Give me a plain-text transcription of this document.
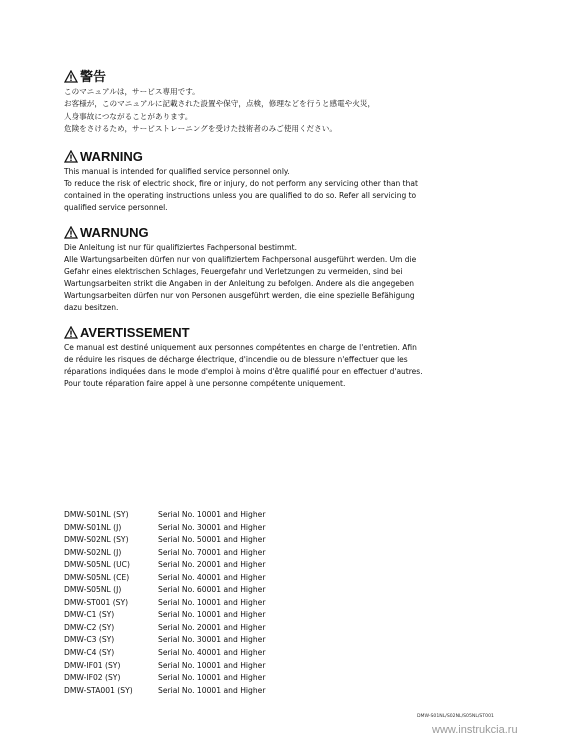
警告
このマニュアルは，サービス専用です。
お客様が，このマニュアルに記載された設置や保守，点検，修理などを行うと感電や火災，
人身事故につながることがあります。
危険をさけるため，サービストレーニングを受けた技術者のみご使用ください。
WARNING
This manual is intended for qualified service personnel only.
To reduce the risk of electric shock, fire or injury, do not perform any servicing other than that
contained in the operating instructions unless you are qualified to do so. Refer all servicing to
qualified service personnel.
WARNUNG
Die Anleitung ist nur für qualifiziertes Fachpersonal bestimmt.
Alle Wartungsarbeiten dürfen nur von qualifiziertem Fachpersonal ausgeführt werden. Um die
Gefahr eines elektrischen Schlages, Feuergefahr und Verletzungen zu vermeiden, sind bei
Wartungsarbeiten strikt die Angaben in der Anleitung zu befolgen. Andere als die angegeben
Wartungsarbeiten dürfen nur von Personen ausgeführt werden, die eine spezielle Befähigung
dazu besitzen.
AVERTISSEMENT
Ce manual est destiné uniquement aux personnes compétentes en charge de l'entretien. Afin
de réduire les risques de décharge électrique, d'incendie ou de blessure n'effectuer que les
réparations indiquées dans le mode d'emploi à moins d'être qualifié pour en effectuer d'autres.
Pour toute réparation faire appel à une personne compétente uniquement.
DMW-S01NL (SY)	Serial No. 10001 and Higher
DMW-S01NL (J)	Serial No. 30001 and Higher
DMW-S02NL (SY)	Serial No. 50001 and Higher
DMW-S02NL (J)	Serial No. 70001 and Higher
DMW-S05NL (UC)	Serial No. 20001 and Higher
DMW-S05NL (CE)	Serial No. 40001 and Higher
DMW-S05NL (J)	Serial No. 60001 and Higher
DMW-ST001 (SY)	Serial No. 10001 and Higher
DMW-C1 (SY)	Serial No. 10001 and Higher
DMW-C2 (SY)	Serial No. 20001 and Higher
DMW-C3 (SY)	Serial No. 30001 and Higher
DMW-C4 (SY)	Serial No. 40001 and Higher
DMW-IF01 (SY)	Serial No. 10001 and Higher
DMW-IF02 (SY)	Serial No. 10001 and Higher
DMW-STA001 (SY)	Serial No. 10001 and Higher
DMW-S01NL/S02NL/S05NL/ST001
www.instrukcia.ru
